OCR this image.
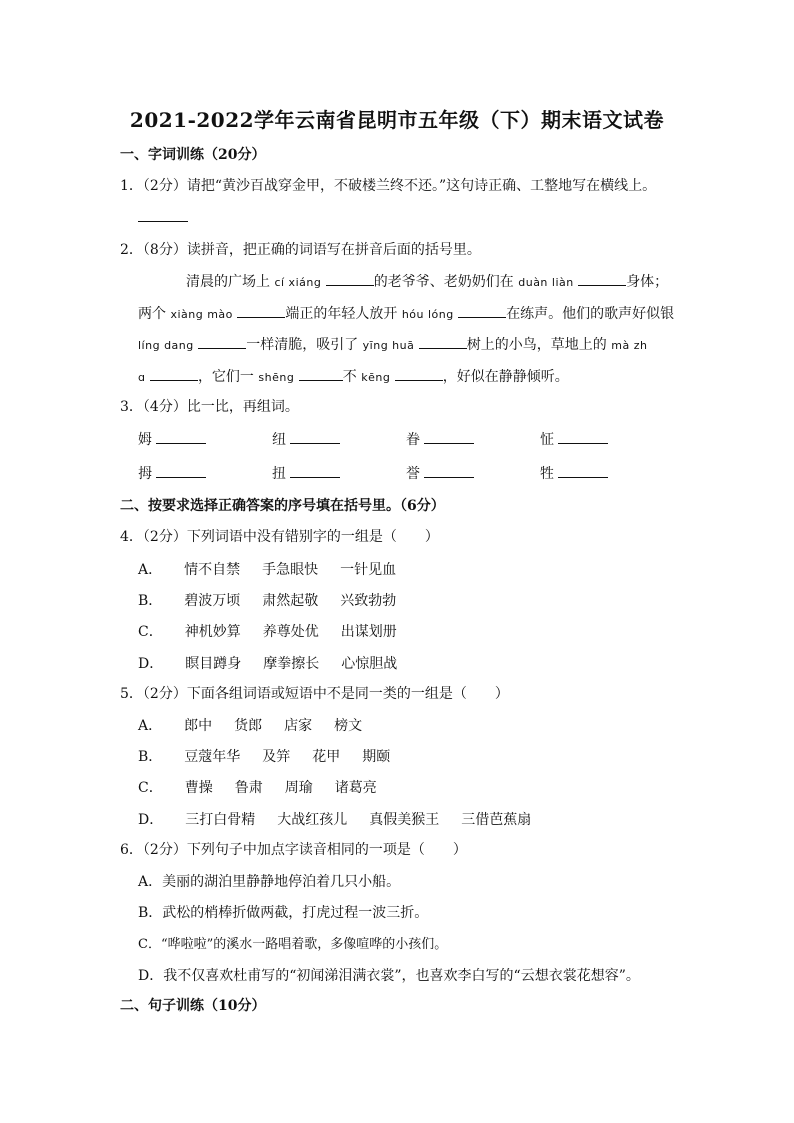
2021-2022学年云南省昆明市五年级（下）期末语文试卷
一、字词训练（20分）
1．（2分）请把“黄沙百战穿金甲，不破楼兰终不还。”这句诗正确、工整地写在横线上。
2．（8分）读拼音，把正确的词语写在拼音后面的括号里。
清晨的广场上 cí xiáng	的老爷爷、老奶奶们在 duàn liàn	身体；
两个 xiàng mào	端正的年轻人放开 hóu lóng	在练声。他们的歌声好似银
líng dang	一样清脆，吸引了 yīng huā	树上的小鸟，草地上的 mà zh
ɑ	，它们一 shēng	不 kēng	，好似在静静倾听。
3．（4分）比一比，再组词。
姆	纽	眷	怔
拇	扭	誉	牲
二、按要求选择正确答案的序号填在括号里。（6分）
4．（2分）下列词语中没有错别字的一组是（　　）
A． 情不自禁 手急眼快 一针见血
B． 碧波万顷 肃然起敬 兴致勃勃
C． 神机妙算 养尊处优 出谋划册
D． 瞑目蹲身 摩拳擦长 心惊胆战
5．（2分）下面各组词语或短语中不是同一类的一组是（　　）
A． 郎中 货郎 店家 榜文
B． 豆蔻年华 及笄 花甲 期颐
C． 曹操 鲁肃 周瑜 诸葛亮
D． 三打白骨精 大战红孩儿 真假美猴王 三借芭蕉扇
6．（2分）下列句子中加点字读音相同的一项是（　　）
A．美丽的湖泊里静静地停泊着几只小船。
B．武松的梢棒折做两截，打虎过程一波三折。
C．“哗啦啦”的溪水一路唱着歌，多像喧哗的小孩们。
D．我不仅喜欢杜甫写的“初闻涕泪满衣裳”，也喜欢李白写的“云想衣裳花想容”。
二、句子训练（10分）
